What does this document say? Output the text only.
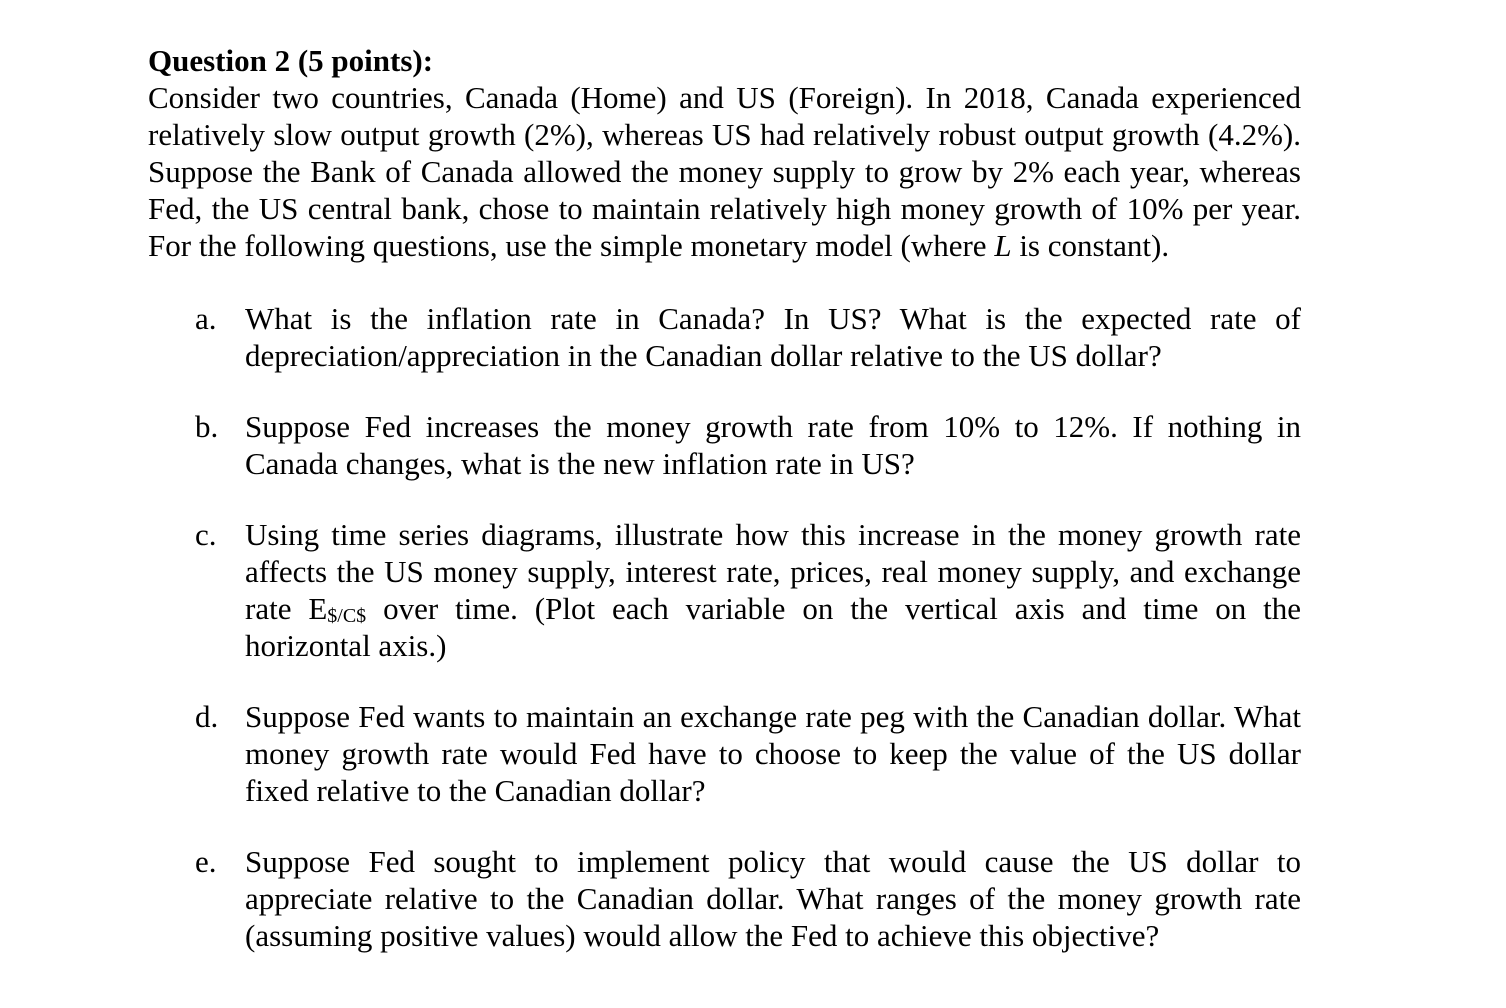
Question 2 (5 points):

Consider two countries, Canada (Home) and US (Foreign). In 2018, Canada experienced relatively slow output growth (2%), whereas US had relatively robust output growth (4.2%). Suppose the Bank of Canada allowed the money supply to grow by 2% each year, whereas Fed, the US central bank, chose to maintain relatively high money growth of 10% per year. For the following questions, use the simple monetary model (where L is constant).

a. What is the inflation rate in Canada? In US? What is the expected rate of depreciation/appreciation in the Canadian dollar relative to the US dollar?
b. Suppose Fed increases the money growth rate from 10% to 12%. If nothing in Canada changes, what is the new inflation rate in US?
c. Using time series diagrams, illustrate how this increase in the money growth rate affects the US money supply, interest rate, prices, real money supply, and exchange rate $E_{\$/C\$}$ over time. (Plot each variable on the vertical axis and time on the horizontal axis.)
d. Suppose Fed wants to maintain an exchange rate peg with the Canadian dollar. What money growth rate would Fed have to choose to keep the value of the US dollar fixed relative to the Canadian dollar?
e. Suppose Fed sought to implement policy that would cause the US dollar to appreciate relative to the Canadian dollar. What ranges of the money growth rate (assuming positive values) would allow the Fed to achieve this objective?
